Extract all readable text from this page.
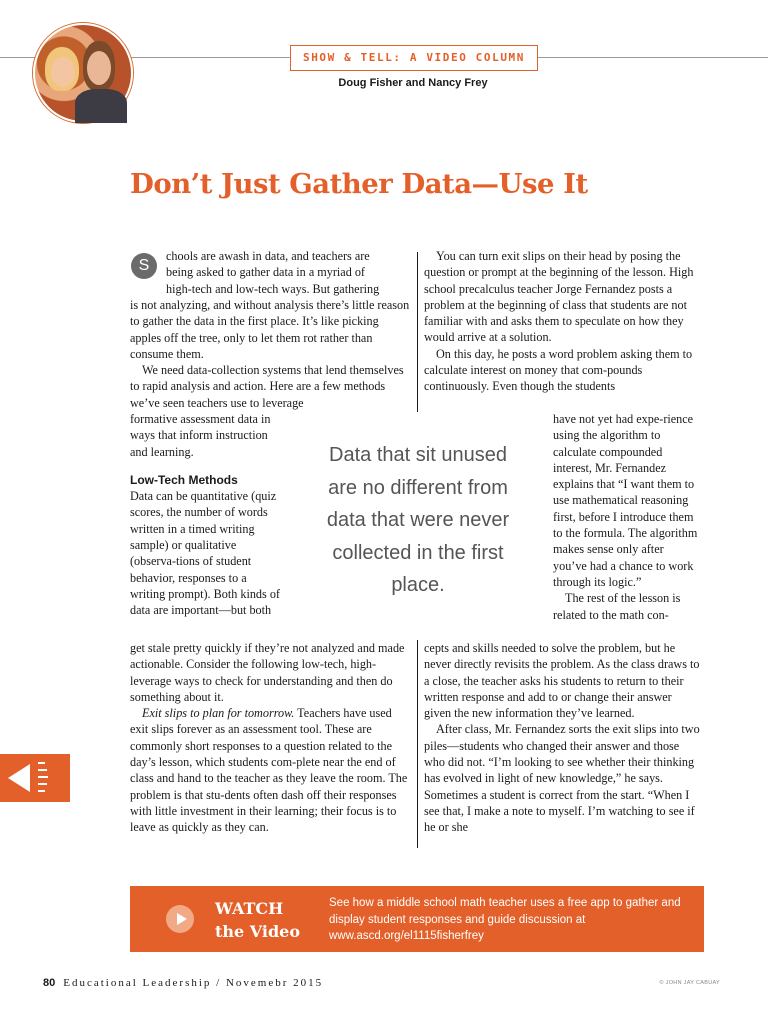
SHOW & TELL: A VIDEO COLUMN
Doug Fisher and Nancy Frey
Don’t Just Gather Data—Use It
S
chools are awash in data, and teachers are
being asked to gather data in a myriad of
high-tech and low-tech ways. But gathering

is not analyzing, and without analysis there’s little reason to gather the data in the first place. It’s like picking apples off the tree, only to let them rot rather than consume them.

We need data-collection systems that lend themselves to rapid analysis and action. Here are a few methods we’ve seen teachers use to leverage

formative assessment data in ways that inform instruction and learning.

Low-Tech Methods

Data can be quantitative (quiz scores, the number of words written in a timed writing sample) or qualitative (observa-tions of student behavior, responses to a writing prompt). Both kinds of data are important—but both

get stale pretty quickly if they’re not analyzed and made actionable. Consider the following low-tech, high-leverage ways to check for understanding and then do something about it.

Exit slips to plan for tomorrow. Teachers have used exit slips forever as an assessment tool. These are commonly short responses to a question related to the day’s lesson, which students com-plete near the end of class and hand to the teacher as they leave the room. The problem is that stu-dents often dash off their responses with little investment in their learning; their focus is to leave as quickly as they can.

Data that sit unused are no different from data that were never collected in the first place.

You can turn exit slips on their head by posing the question or prompt at the beginning of the lesson. High school precalculus teacher Jorge Fernandez posts a problem at the beginning of class that students are not familiar with and asks them to speculate on how they would arrive at a solution.

On this day, he posts a word problem asking them to calculate interest on money that com-pounds continuously. Even though the students

have not yet had expe-rience using the algorithm to calculate compounded interest, Mr. Fernandez explains that “I want them to use mathematical reasoning first, before I introduce them to the formula. The algorithm makes sense only after you’ve had a chance to work through its logic.”

The rest of the lesson is related to the math con-

cepts and skills needed to solve the problem, but he never directly revisits the problem. As the class draws to a close, the teacher asks his students to return to their written response and add to or change their answer given the new information they’ve learned.

After class, Mr. Fernandez sorts the exit slips into two piles—students who changed their answer and those who did not. “I’m looking to see whether their thinking has evolved in light of new knowledge,” he says. Sometimes a student is correct from the start. “When I see that, I make a note to myself. I’m watching to see if he or she

WATCH
the Video
See how a middle school math teacher uses a free app to gather and display student responses and guide discussion at www.ascd.org/el1115fisherfrey
80 Educational Leadership / Novemebr 2015	© JOHN JAY CABUAY
